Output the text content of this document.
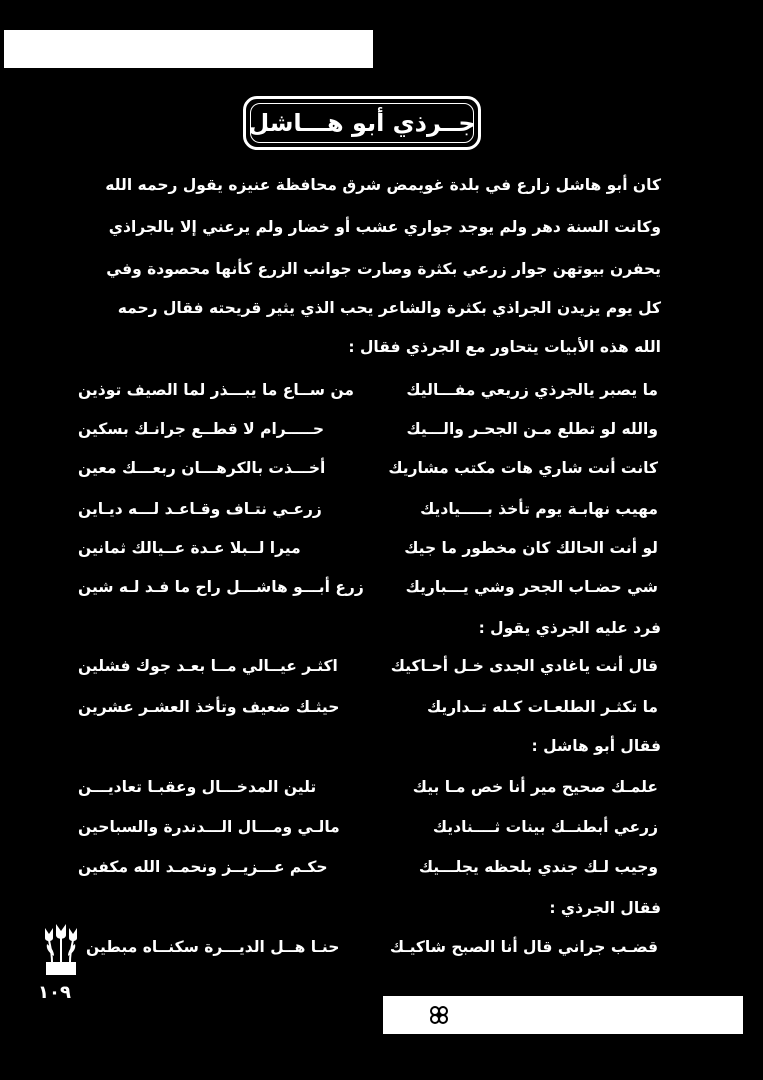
جــرذي أبو هـــاشل
كان أبو هاشل زارع في بلدة غويمض شرق محافظة عنيزه يقول رحمه الله
وكانت السنة دهر ولم يوجد جواري عشب أو خضار ولم يرعني إلا بالجراذي
يحفرن بيوتهن جوار زرعي بكثرة وصارت جوانب الزرع كأنها محصودة وفي
كل يوم يزيدن الجراذي بكثرة والشاعر يحب الذي يثير قريحته فقال رحمه
الله هذه الأبيات يتحاور مع الجرذي فقال :
ما يصبر يالجرذي زريعي مفـــاليك
من ســاع ما يبـــذر لما الصيف توذين
والله لو تطلع مـن الجحـر والـــيك
حـــــرام لا قطــع جرانـك بسكين
كانت أنت شاري هات مكتب مشاريك
أخـــذت بالكرهـــان ربعـــك معين
مهيب نهابـة يوم تأخذ بـــــياديك
زرعـي نتـاف وقـاعـد لـــه ديـاين
لو أنت الحالك كان مخطور ما جيك
ميرا لــبلا عـدة عــيالك ثمانين
شي حضـاب الجحر وشي يـــباريك
زرع أبـــو هاشـــل راح ما فـد لـه شين
فرد عليه الجرذي يقول :
قال أنت ياغادي الجدى خـل أحـاكيك
اكثـر عيــالي مــا بعـد جوك فشلين
ما تكثـر الطلعـات كـله تــداريك
حيثـك ضعيف وتأخذ العشـر عشرين
فقال أبو هاشل :
علمـك صحيح مير أنا خص مـا بيك
تلين المدخـــال وعقبـا تعاديـــن
زرعي أبطنــك بينات ثــــناديك
مالـي ومـــال الـــدندرة والسباحين
وجيب لـك جندي بلحظه يجلـــيك
حكـم عـــزيــز ونحمـد الله مكفين
فقال الجرذي :
قضـب جراني قال أنا الصبح شاكيـك
حنـا هــل الديـــرة سكنــاه مبطين
١٠٩
